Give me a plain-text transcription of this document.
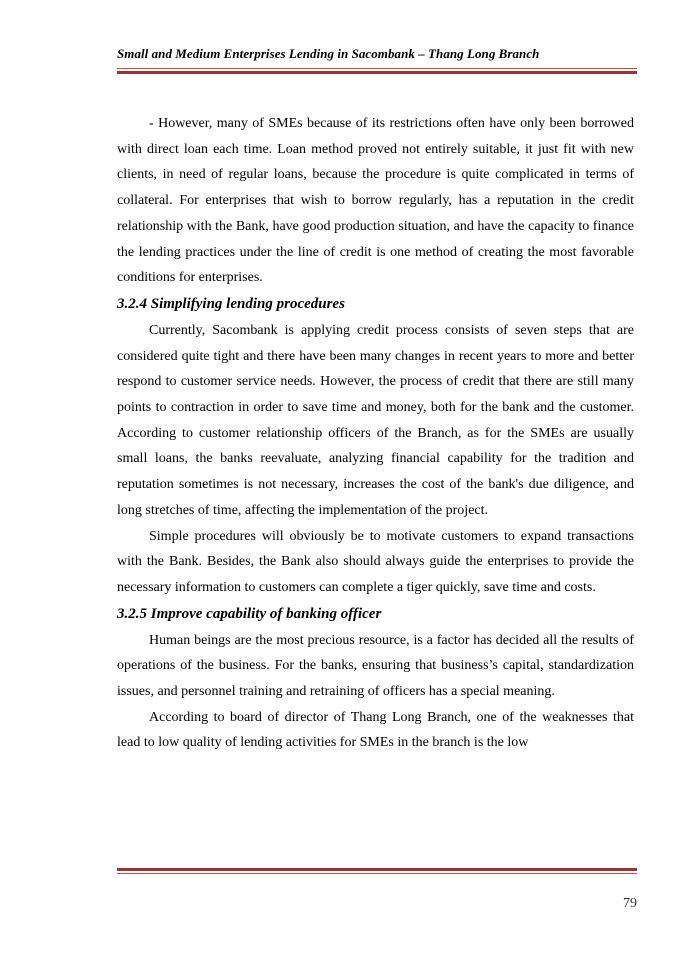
Small and Medium Enterprises Lending in Sacombank – Thang Long Branch

- However, many of SMEs because of its restrictions often have only been borrowed with direct loan each time. Loan method proved not entirely suitable, it just fit with new clients, in need of regular loans, because the procedure is quite complicated in terms of collateral. For enterprises that wish to borrow regularly, has a reputation in the credit relationship with the Bank, have good production situation, and have the capacity to finance the lending practices under the line of credit is one method of creating the most favorable conditions for enterprises.

3.2.4 Simplifying lending procedures

Currently, Sacombank is applying credit process consists of seven steps that are considered quite tight and there have been many changes in recent years to more and better respond to customer service needs. However, the process of credit that there are still many points to contraction in order to save time and money, both for the bank and the customer. According to customer relationship officers of the Branch, as for the SMEs are usually small loans, the banks reevaluate, analyzing financial capability for the tradition and reputation sometimes is not necessary, increases the cost of the bank's due diligence, and long stretches of time, affecting the implementation of the project.

Simple procedures will obviously be to motivate customers to expand transactions with the Bank. Besides, the Bank also should always guide the enterprises to provide the necessary information to customers can complete a tiger quickly, save time and costs.

3.2.5 Improve capability of banking officer

Human beings are the most precious resource, is a factor has decided all the results of operations of the business. For the banks, ensuring that business’s capital, standardization issues, and personnel training and retraining of officers has a special meaning.

According to board of director of Thang Long Branch, one of the weaknesses that lead to low quality of lending activities for SMEs in the branch is the low

79
